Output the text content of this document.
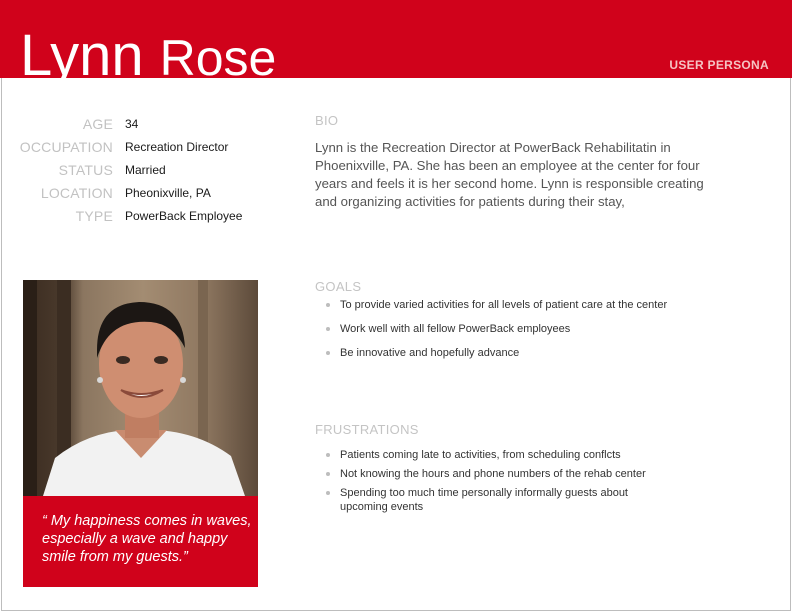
Lynn Rose	USER PERSONA
AGE 34
OCCUPATION Recreation Director
STATUS Married
LOCATION Pheonixville, PA
TYPE PowerBack Employee
BIO

Lynn is the Recreation Director at PowerBack Rehabilitatin in Phoenixville, PA. She has been an employee at the center for four years and feels it is her second home. Lynn is responsible creating and organizing activities for patients during their stay,

GOALS
To provide varied activities for all levels of patient care at the center
Work well with all fellow PowerBack employees
Be innovative and hopefully advance
FRUSTRATIONS
Patients coming late to activities, from scheduling conflcts
Not knowing the hours and phone numbers of the rehab center
Spending too much time personally informally guests about upcoming events

“ My happiness comes in waves, especially a wave and happy smile from my guests.”
